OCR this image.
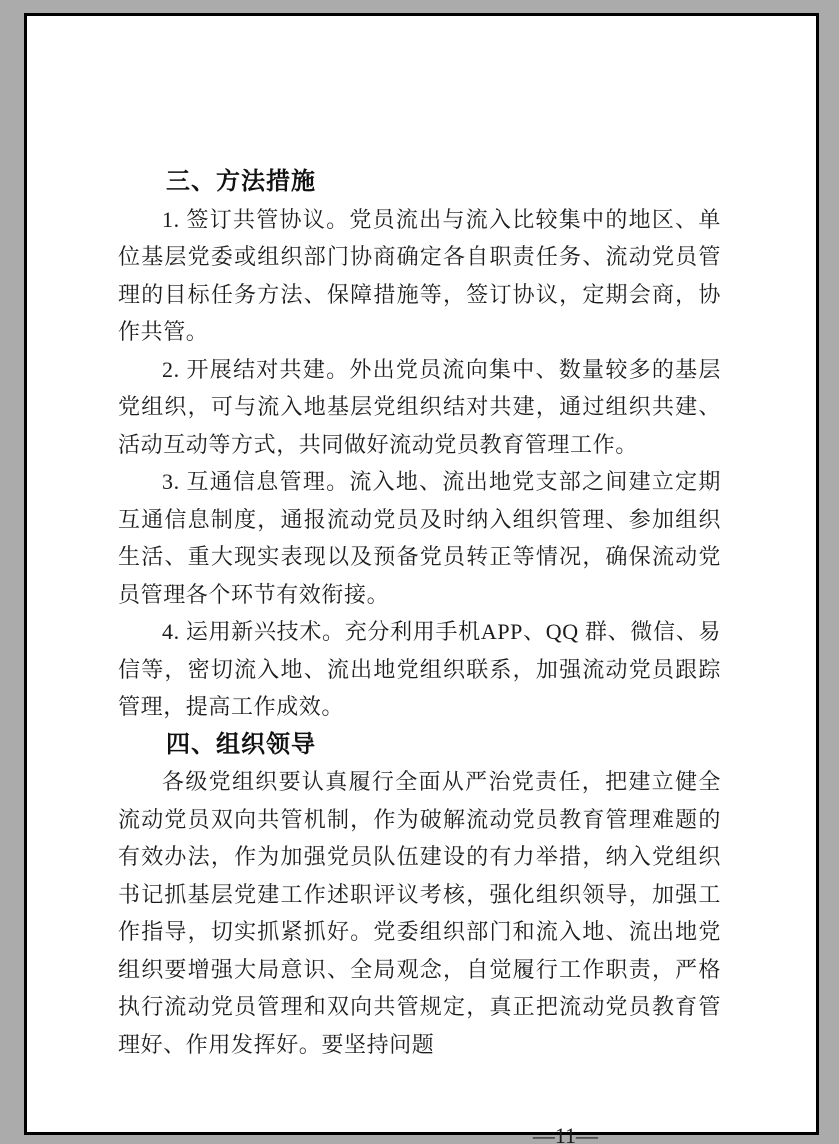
三、方法措施

1. 签订共管协议。党员流出与流入比较集中的地区、单位基层党委或组织部门协商确定各自职责任务、流动党员管理的目标任务方法、保障措施等，签订协议，定期会商，协作共管。

2. 开展结对共建。外出党员流向集中、数量较多的基层党组织，可与流入地基层党组织结对共建，通过组织共建、活动互动等方式，共同做好流动党员教育管理工作。

3. 互通信息管理。流入地、流出地党支部之间建立定期互通信息制度，通报流动党员及时纳入组织管理、参加组织生活、重大现实表现以及预备党员转正等情况，确保流动党员管理各个环节有效衔接。

4. 运用新兴技术。充分利用手机APP、QQ 群、微信、易信等，密切流入地、流出地党组织联系，加强流动党员跟踪管理，提高工作成效。

四、组织领导

各级党组织要认真履行全面从严治党责任，把建立健全流动党员双向共管机制，作为破解流动党员教育管理难题的有效办法，作为加强党员队伍建设的有力举措，纳入党组织书记抓基层党建工作述职评议考核，强化组织领导，加强工作指导，切实抓紧抓好。党委组织部门和流入地、流出地党组织要增强大局意识、全局观念，自觉履行工作职责，严格执行流动党员管理和双向共管规定，真正把流动党员教育管理好、作用发挥好。要坚持问题

—11—
